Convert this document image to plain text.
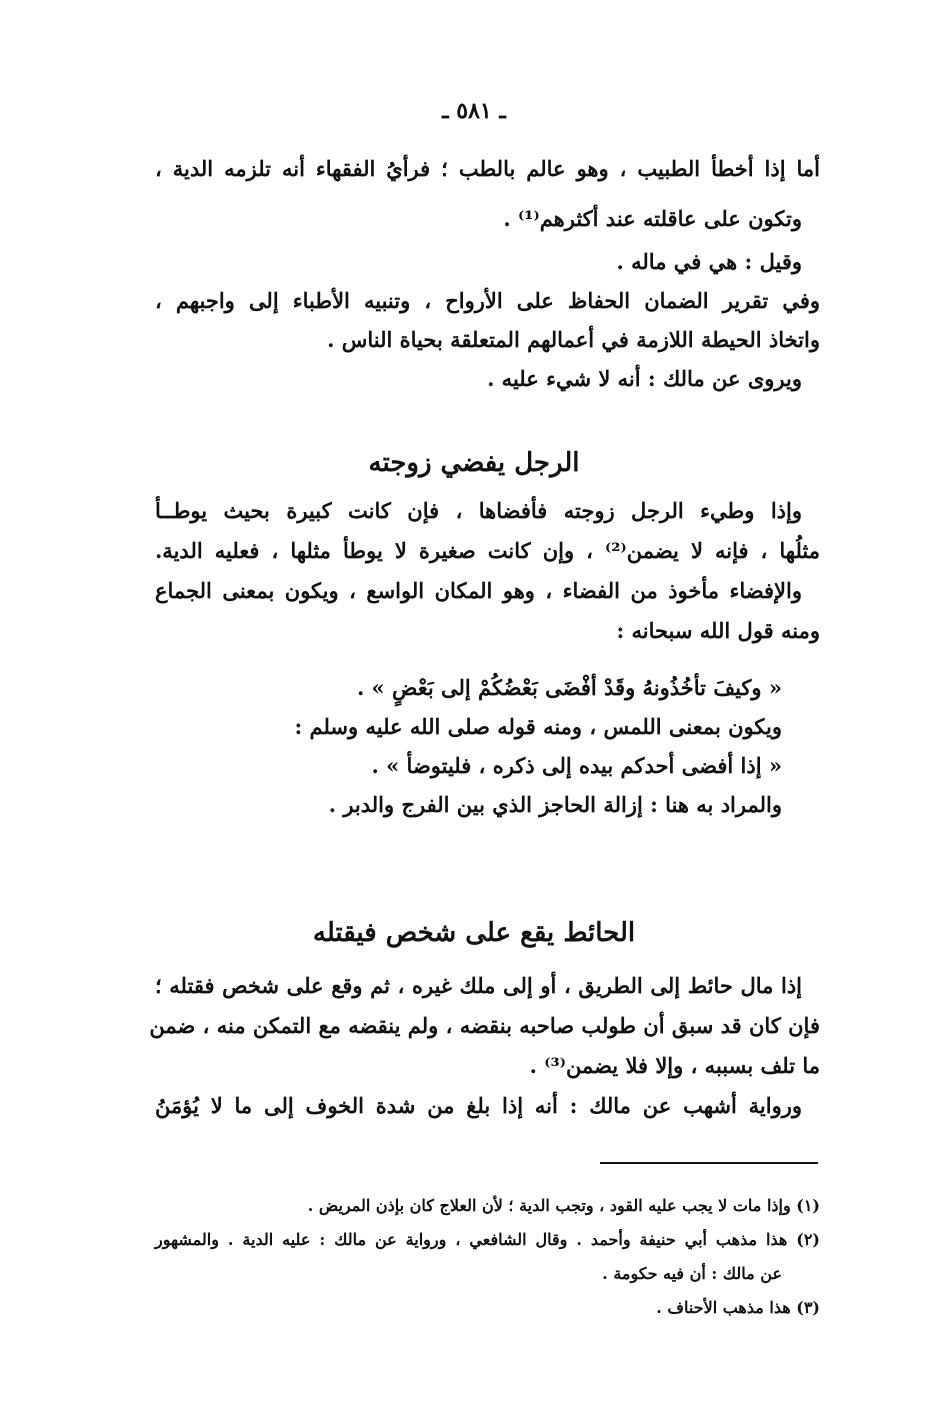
ـ ٥٨١ ـ
أما إذا أخطأ الطبيب ، وهو عالم بالطب ؛ فرأيُ الفقهاء أنه تلزمه الدية ،
وتكون على عاقلته عند أكثرهم⁽¹⁾ .
وقيل : هي في ماله .
وفي تقرير الضمان الحفاظ على الأرواح ، وتنبيه الأطباء إلى واجبهم ،
واتخاذ الحيطة اللازمة في أعمالهم المتعلقة بحياة الناس .
ويروى عن مالك : أنه لا شيء عليه .
الرجل يفضي زوجته
وإذا وطيء الرجل زوجته فأفضاها ، فإن كانت كبيرة بحيث يوطــأ
مثلُها ، فإنه لا يضمن⁽²⁾ ، وإن كانت صغيرة لا يوطأ مثلها ، فعليه الدية.
والإفضاء مأخوذ من الفضاء ، وهو المكان الواسع ، ويكون بمعنى الجماع
ومنه قول الله سبحانه :
« وكيفَ تأخُذُونهُ وقَدْ أفْضَى بَعْضُكُمْ إلى بَعْضٍ » .
ويكون بمعنى اللمس ، ومنه قوله صلى الله عليه وسلم :
« إذا أفضى أحدكم بيده إلى ذكره ، فليتوضأ » .
والمراد به هنا : إزالة الحاجز الذي بين الفرج والدبر .
الحائط يقع على شخص فيقتله
إذا مال حائط إلى الطريق ، أو إلى ملك غيره ، ثم وقع على شخص فقتله ؛
فإن كان قد سبق أن طولب صاحبه بنقضه ، ولم ينقضه مع التمكن منه ، ضمن
ما تلف بسببه ، وإلا فلا يضمن⁽³⁾ .
ورواية أشهب عن مالك : أنه إذا بلغ من شدة الخوف إلى ما لا يُؤمَنُ
(١) وإذا مات لا يجب عليه القود ، وتجب الدية ؛ لأن العلاج كان بإذن المريض .
(٢) هذا مذهب أبي حنيفة وأحمد . وقال الشافعي ، ورواية عن مالك : عليه الدية . والمشهور
عن مالك : أن فيه حكومة .
(٣) هذا مذهب الأحناف .
